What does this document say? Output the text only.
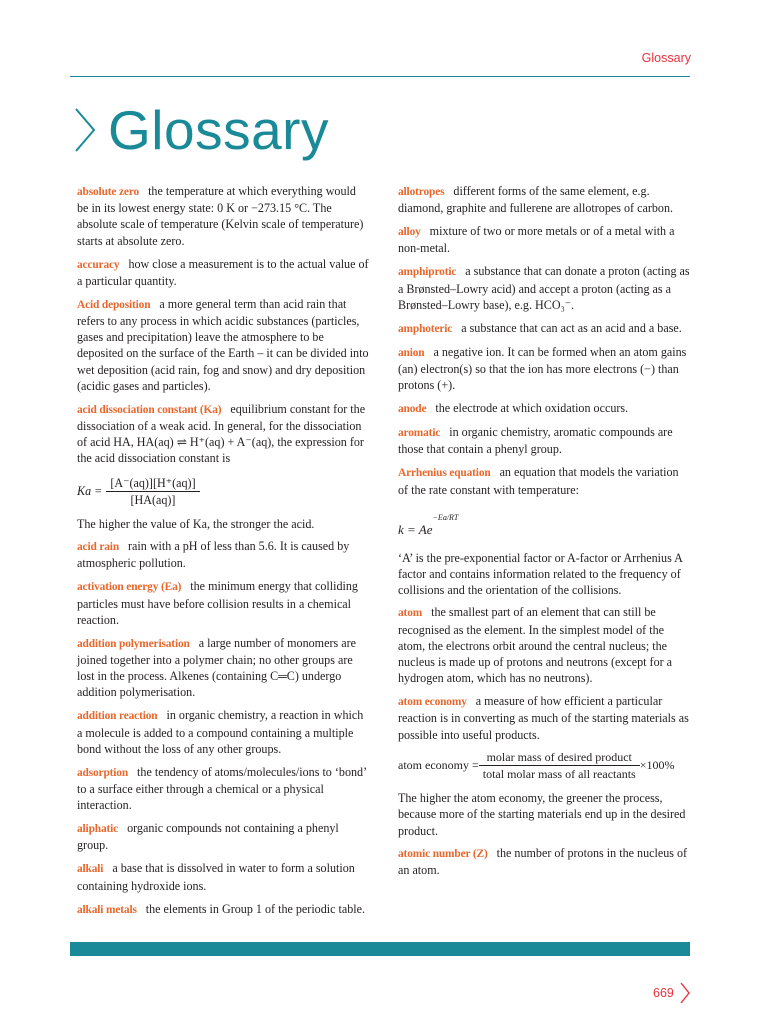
Glossary
Glossary

absolute zero the temperature at which everything would be in its lowest energy state: 0 K or −273.15 °C. The absolute scale of temperature (Kelvin scale of temperature) starts at absolute zero.

accuracy how close a measurement is to the actual value of a particular quantity.

Acid deposition a more general term than acid rain that refers to any process in which acidic substances (particles, gases and precipitation) leave the atmosphere to be deposited on the surface of the Earth – it can be divided into wet deposition (acid rain, fog and snow) and dry deposition (acidic gases and particles).

acid dissociation constant (Ka) equilibrium constant for the dissociation of a weak acid. In general, for the dissociation of acid HA, HA(aq) ⇌ H⁺(aq) + A⁻(aq), the expression for the acid dissociation constant is

$Ka = \frac{[A^-(aq)][H^+(aq)]}{[HA(aq)]}$

The higher the value of Ka, the stronger the acid.

acid rain rain with a pH of less than 5.6. It is caused by atmospheric pollution.

activation energy (Ea) the minimum energy that colliding particles must have before collision results in a chemical reaction.

addition polymerisation a large number of monomers are joined together into a polymer chain; no other groups are lost in the process. Alkenes (containing C═C) undergo addition polymerisation.

addition reaction in organic chemistry, a reaction in which a molecule is added to a compound containing a multiple bond without the loss of any other groups.

adsorption the tendency of atoms/molecules/ions to ‘bond’ to a surface either through a chemical or a physical interaction.

aliphatic organic compounds not containing a phenyl group.

alkali a base that is dissolved in water to form a solution containing hydroxide ions.

alkali metals the elements in Group 1 of the periodic table.

allotropes different forms of the same element, e.g. diamond, graphite and fullerene are allotropes of carbon.

alloy mixture of two or more metals or of a metal with a non-metal.

amphiprotic a substance that can donate a proton (acting as a Brønsted–Lowry acid) and accept a proton (acting as a Brønsted–Lowry base), e.g. HCO₃⁻.

amphoteric a substance that can act as an acid and a base.

anion a negative ion. It can be formed when an atom gains (an) electron(s) so that the ion has more electrons (−) than protons (+).

anode the electrode at which oxidation occurs.

aromatic in organic chemistry, aromatic compounds are those that contain a phenyl group.

Arrhenius equation an equation that models the variation of the rate constant with temperature:

k = Ae
−Ea/RT

‘A’ is the pre-exponential factor or A-factor or Arrhenius A factor and contains information related to the frequency of collisions and the orientation of the collisions.

atom the smallest part of an element that can still be recognised as the element. In the simplest model of the atom, the electrons orbit around the central nucleus; the nucleus is made up of protons and neutrons (except for a hydrogen atom, which has no neutrons).

atom economy a measure of how efficient a particular reaction is in converting as much of the starting materials as possible into useful products.

atom economy = $\frac{\text{molar mass of desired product}}{\text{total molar mass of all reactants}} \times 100\%$

The higher the atom economy, the greener the process, because more of the starting materials end up in the desired product.

atomic number (Z) the number of protons in the nucleus of an atom.

669
